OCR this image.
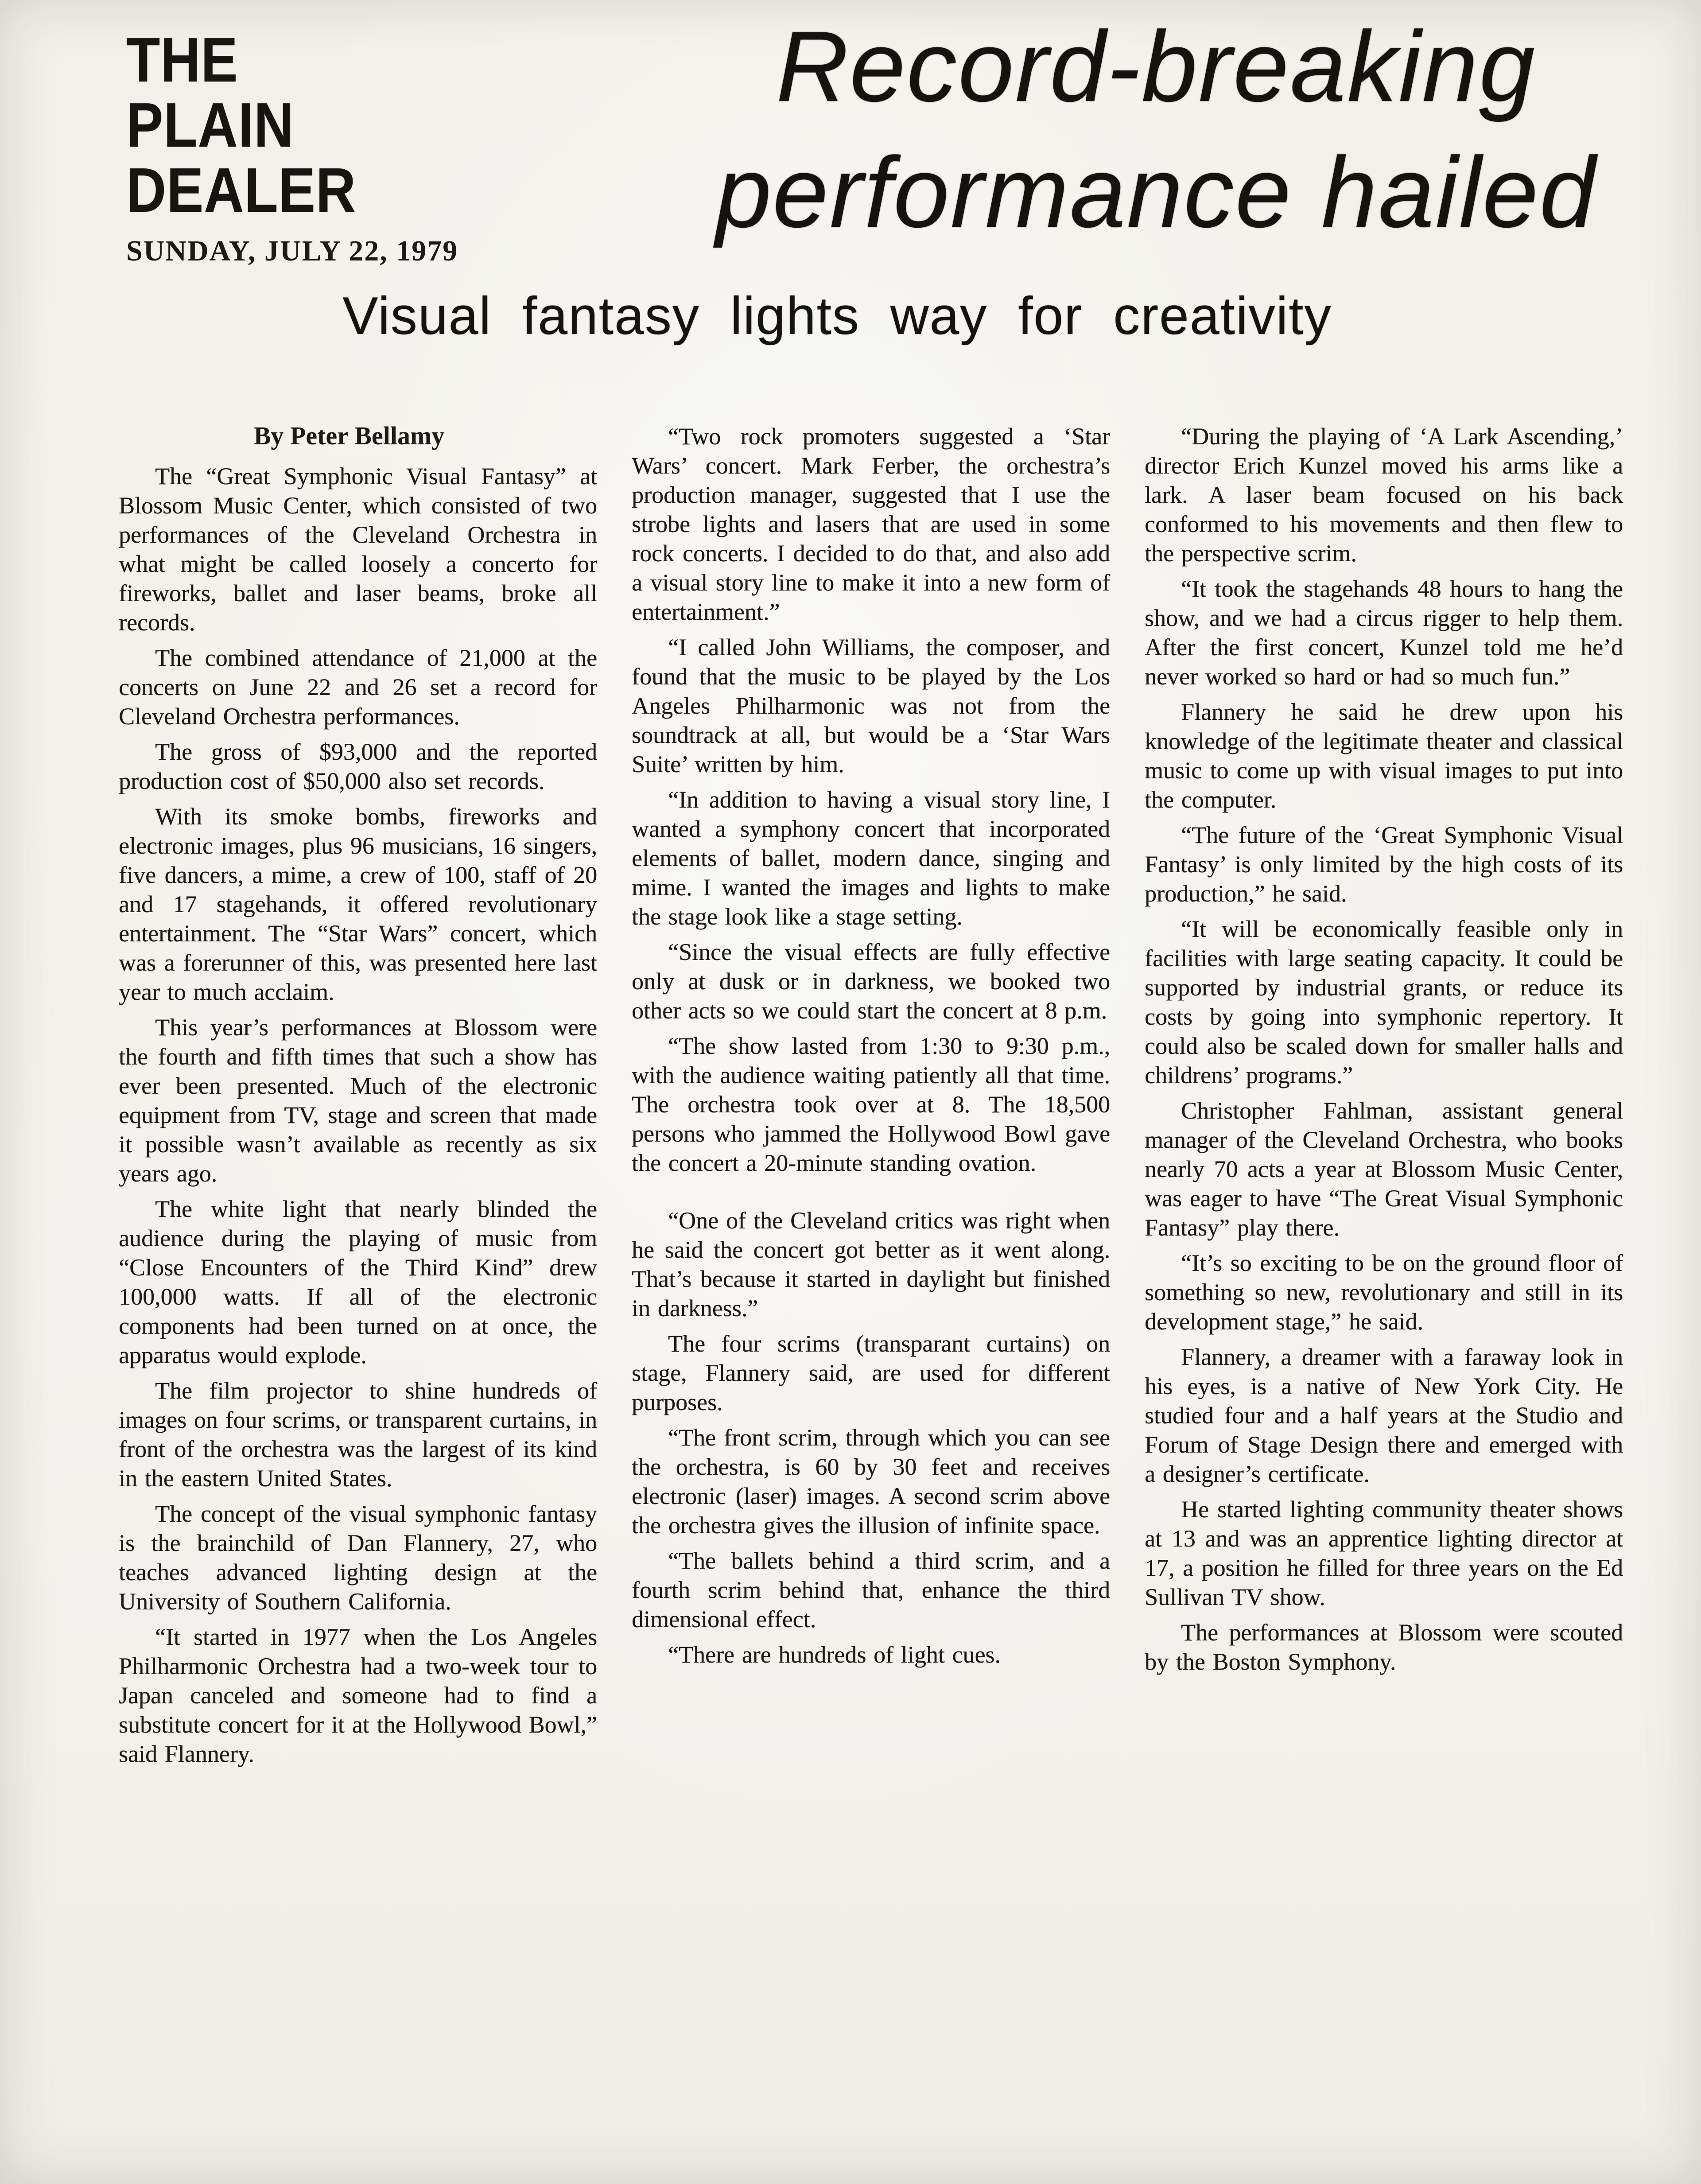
THE
PLAIN
DEALER
SUNDAY, JULY 22, 1979
Record-breaking
performance hailed
Visual fantasy lights way for creativity
By Peter Bellamy

The “Great Symphonic Visual Fantasy” at Blossom Music Center, which consisted of two performances of the Cleveland Orchestra in what might be called loosely a concerto for fireworks, ballet and laser beams, broke all records.

The combined attendance of 21,000 at the concerts on June 22 and 26 set a record for Cleveland Orchestra performances.

The gross of $93,000 and the reported production cost of $50,000 also set records.

With its smoke bombs, fireworks and electronic images, plus 96 musicians, 16 singers, five dancers, a mime, a crew of 100, staff of 20 and 17 stagehands, it offered revolutionary entertainment. The “Star Wars” concert, which was a forerunner of this, was presented here last year to much acclaim.

This year’s performances at Blossom were the fourth and fifth times that such a show has ever been presented. Much of the electronic equipment from TV, stage and screen that made it possible wasn’t available as recently as six years ago.

The white light that nearly blinded the audience during the playing of music from “Close Encounters of the Third Kind” drew 100,000 watts. If all of the electronic components had been turned on at once, the apparatus would explode.

The film projector to shine hundreds of images on four scrims, or transparent curtains, in front of the orchestra was the largest of its kind in the eastern United States.

The concept of the visual symphonic fantasy is the brainchild of Dan Flannery, 27, who teaches advanced lighting design at the University of Southern California.

“It started in 1977 when the Los Angeles Philharmonic Orchestra had a two-week tour to Japan canceled and someone had to find a substitute concert for it at the Hollywood Bowl,” said Flannery.

“Two rock promoters suggested a ‘Star Wars’ concert. Mark Ferber, the orchestra’s production manager, suggested that I use the strobe lights and lasers that are used in some rock concerts. I decided to do that, and also add a visual story line to make it into a new form of entertainment.”

“I called John Williams, the composer, and found that the music to be played by the Los Angeles Philharmonic was not from the soundtrack at all, but would be a ‘Star Wars Suite’ written by him.

“In addition to having a visual story line, I wanted a symphony concert that incorporated elements of ballet, modern dance, singing and mime. I wanted the images and lights to make the stage look like a stage setting.

“Since the visual effects are fully effective only at dusk or in darkness, we booked two other acts so we could start the concert at 8 p.m.

“The show lasted from 1:30 to 9:30 p.m., with the audience waiting patiently all that time. The orchestra took over at 8. The 18,500 persons who jammed the Hollywood Bowl gave the concert a 20-minute standing ovation.

“One of the Cleveland critics was right when he said the concert got better as it went along. That’s because it started in daylight but finished in darkness.”

The four scrims (transparant curtains) on stage, Flannery said, are used for different purposes.

“The front scrim, through which you can see the orchestra, is 60 by 30 feet and receives electronic (laser) images. A second scrim above the orchestra gives the illusion of infinite space.

“The ballets behind a third scrim, and a fourth scrim behind that, enhance the third dimensional effect.

“There are hundreds of light cues.

“During the playing of ‘A Lark Ascending,’ director Erich Kunzel moved his arms like a lark. A laser beam focused on his back conformed to his movements and then flew to the perspective scrim.

“It took the stagehands 48 hours to hang the show, and we had a circus rigger to help them. After the first concert, Kunzel told me he’d never worked so hard or had so much fun.”

Flannery he said he drew upon his knowledge of the legitimate theater and classical music to come up with visual images to put into the computer.

“The future of the ‘Great Symphonic Visual Fantasy’ is only limited by the high costs of its production,” he said.

“It will be economically feasible only in facilities with large seating capacity. It could be supported by industrial grants, or reduce its costs by going into symphonic repertory. It could also be scaled down for smaller halls and childrens’ programs.”

Christopher Fahlman, assistant general manager of the Cleveland Orchestra, who books nearly 70 acts a year at Blossom Music Center, was eager to have “The Great Visual Symphonic Fantasy” play there.

“It’s so exciting to be on the ground floor of something so new, revolutionary and still in its development stage,” he said.

Flannery, a dreamer with a faraway look in his eyes, is a native of New York City. He studied four and a half years at the Studio and Forum of Stage Design there and emerged with a designer’s certificate.

He started lighting community theater shows at 13 and was an apprentice lighting director at 17, a position he filled for three years on the Ed Sullivan TV show.

The performances at Blossom were scouted by the Boston Symphony.
